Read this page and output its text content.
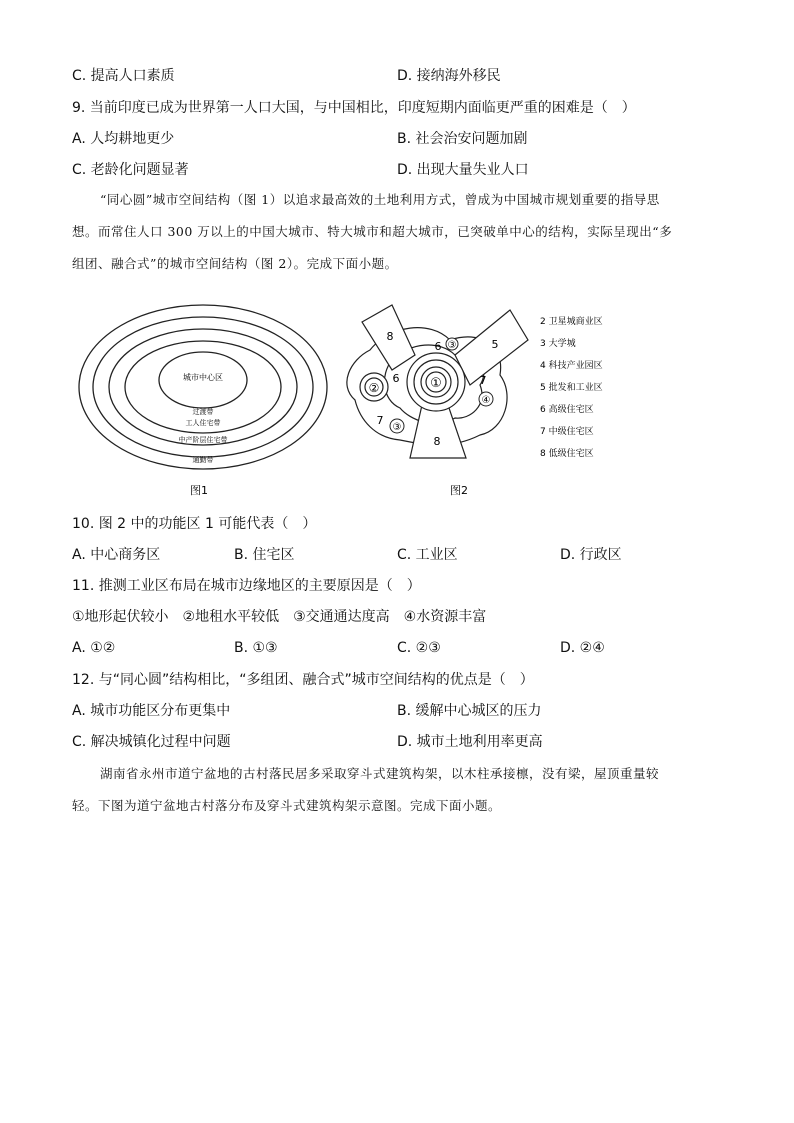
C. 提高人口素质	D. 接纳海外移民
9. 当前印度已成为世界第一人口大国，与中国相比，印度短期内面临更严重的困难是（　）
A. 人均耕地更少	B. 社会治安问题加剧
C. 老龄化问题显著	D. 出现大量失业人口
“同心圆”城市空间结构（图 1）以追求最高效的土地利用方式，曾成为中国城市规划重要的指导思
想。而常住人口 300 万以上的中国大城市、特大城市和超大城市，已突破单中心的结构，实际呈现出“多
组团、融合式”的城市空间结构（图 2）。完成下面小题。
城市中心区
过渡带
工人住宅带
中产阶层住宅带
通勤带
图1
①
②
③
③
④
5
6
6	7
7
8
8
图2
2 卫星城商业区
3 大学城
4 科技产业园区
5 批发和工业区
6 高级住宅区
7 中级住宅区
8 低级住宅区
10. 图 2 中的功能区 1 可能代表（　）
A. 中心商务区	B. 住宅区	C. 工业区	D. 行政区
11. 推测工业区布局在城市边缘地区的主要原因是（　）
①地形起伏较小　②地租水平较低　③交通通达度高　④水资源丰富
A. ①②	B. ①③	C. ②③	D. ②④
12. 与“同心圆”结构相比，“多组团、融合式”城市空间结构的优点是（　）
A. 城市功能区分布更集中	B. 缓解中心城区的压力
C. 解决城镇化过程中问题	D. 城市土地利用率更高
湖南省永州市道宁盆地的古村落民居多采取穿斗式建筑构架，以木柱承接檩，没有梁，屋顶重量较
轻。下图为道宁盆地古村落分布及穿斗式建筑构架示意图。完成下面小题。
